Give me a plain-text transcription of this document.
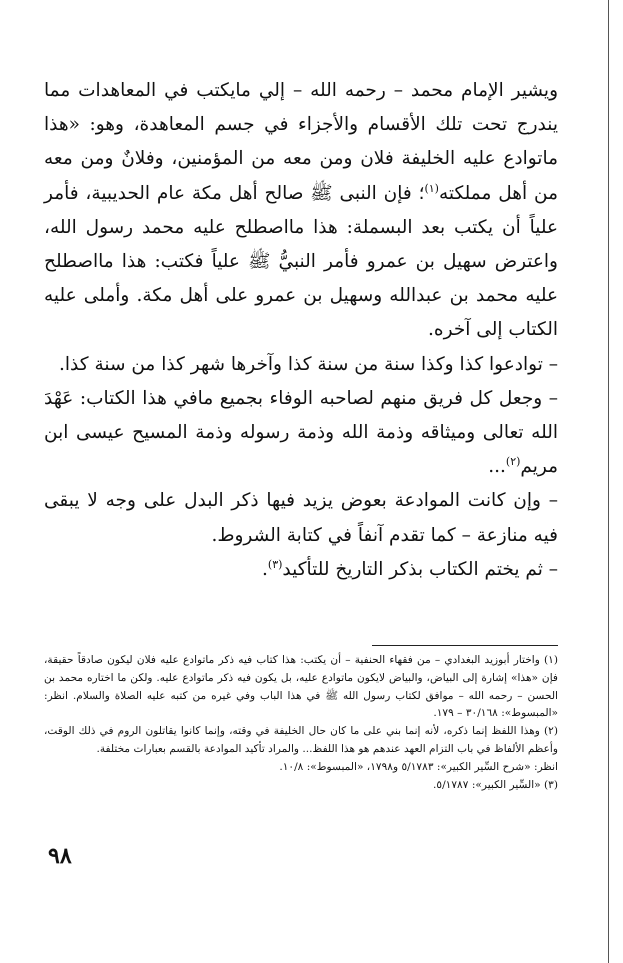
ويشير الإمام محمد – رحمه الله – إلي مايكتب في المعاهدات مما يندرج تحت تلك الأقسام والأجزاء في جسم المعاهدة، وهو: «هذا ماتوادع عليه الخليفة فلان ومن معه من المؤمنين، وفلانٌ ومن معه من أهل مملكته$^{(١)}$؛ فإن النبى ﷺ صالح أهل مكة عام الحديبية، فأمر علياً أن يكتب بعد البسملة: هذا مااصطلح عليه محمد رسول الله، واعترض سهيل بن عمرو فأمر النبيُّ ﷺ علياً فكتب: هذا مااصطلح عليه محمد بن عبدالله وسهيل بن عمرو على أهل مكة. وأملى عليه الكتاب إلى آخره.

– توادعوا كذا وكذا سنة من سنة كذا وآخرها شهر كذا من سنة كذا.

– وجعل كل فريق منهم لصاحبه الوفاء بجميع مافي هذا الكتاب: عَهْدَ الله تعالى وميثاقه وذمة الله وذمة رسوله وذمة المسيح عيسى ابن مريم$^{(٢)}$...

– وإن كانت الموادعة بعوض يزيد فيها ذكر البدل على وجه لا يبقى فيه منازعة – كما تقدم آنفاً في كتابة الشروط.

– ثم يختم الكتاب بذكر التاريخ للتأكيد$^{(٣)}$.

(١) واختار أبوزيد البغدادي – من فقهاء الحنفية – أن يكتب: هذا كتاب فيه ذكر ماتوادع عليه فلان ليكون صادقاً حقيقة، فإن «هذا» إشارة إلى البياض، والبياض لايكون ماتوادع عليه، بل يكون فيه ذكر ماتوادع عليه. ولكن ما اختاره محمد بن الحسن – رحمه الله – موافق لكتاب رسول الله ﷺ في هذا الباب وفي غيره من كتبه عليه الصلاة والسلام. انظر: «المبسوط»: ٣٠/١٦٨ – ١٧٩.

(٢) وهذا اللفظ إنما ذكره، لأنه إنما بني على ما كان حال الخليفة في وقته، وإنما كانوا يقاتلون الروم في ذلك الوقت، وأعظم الألفاظ في باب التزام العهد عندهم هو هذا اللفظ... والمراد تأكيد الموادعة بالقسم بعبارات مختلفة.

انظر: «شرح السِّير الكبير»: ٥/١٧٨٣ و١٧٩٨، «المبسوط»: ١٠/٨.

(٣) «السِّير الكبير»: ٥/١٧٨٧.

٩٨
